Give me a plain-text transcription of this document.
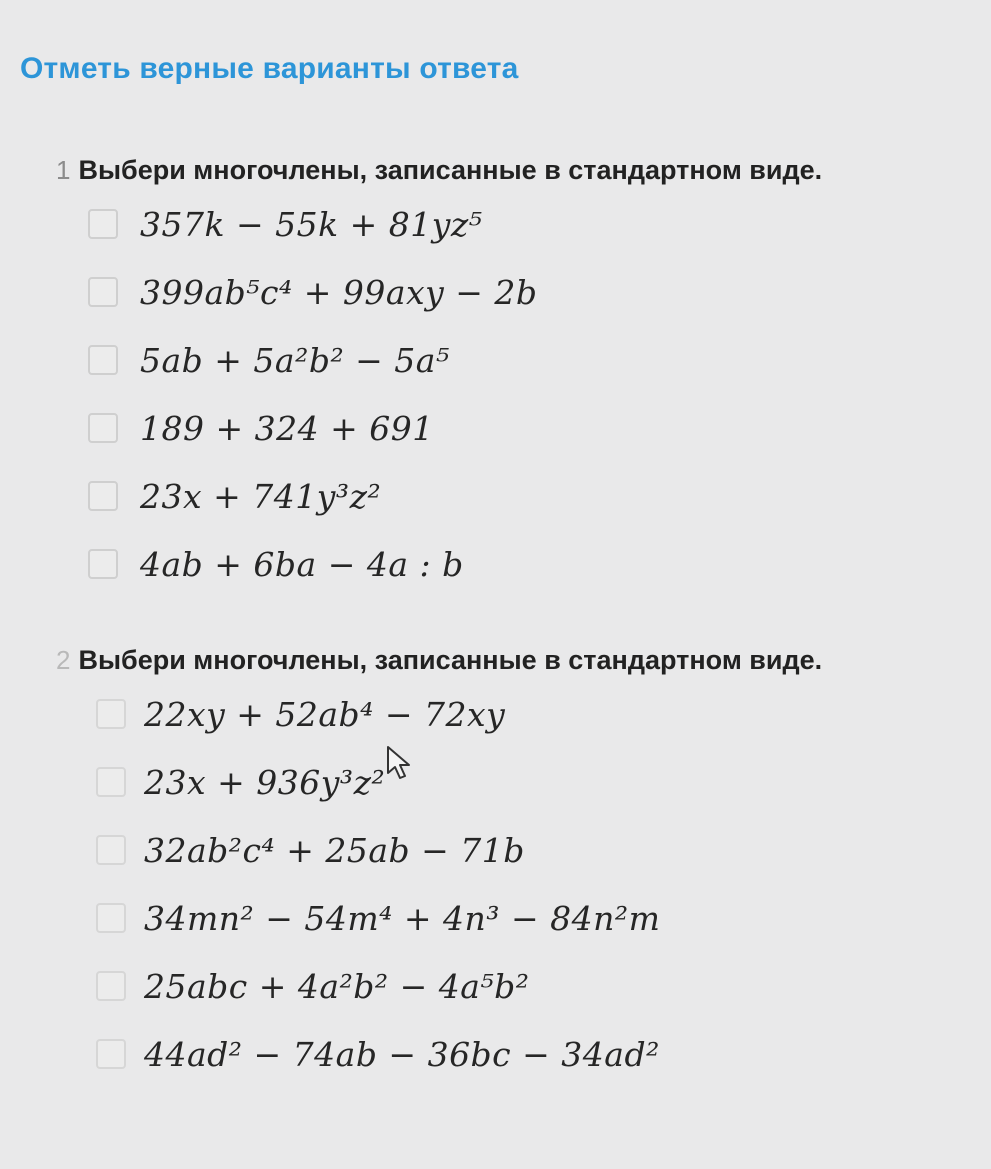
Отметь верные варианты ответа
1 Выбери многочлены, записанные в стандартном виде.
357k − 55k + 81yz⁵
399ab⁵c⁴ + 99axy − 2b
5ab + 5a²b² − 5a⁵
189 + 324 + 691
23x + 741y³z²
4ab + 6ba − 4a : b
2 Выбери многочлены, записанные в стандартном виде.
22xy + 52ab⁴ − 72xy
23x + 936y³z²
32ab²c⁴ + 25ab − 71b
34mn² − 54m⁴ + 4n³ − 84n²m
25abc + 4a²b² − 4a⁵b²
44ad² − 74ab − 36bc − 34ad²
